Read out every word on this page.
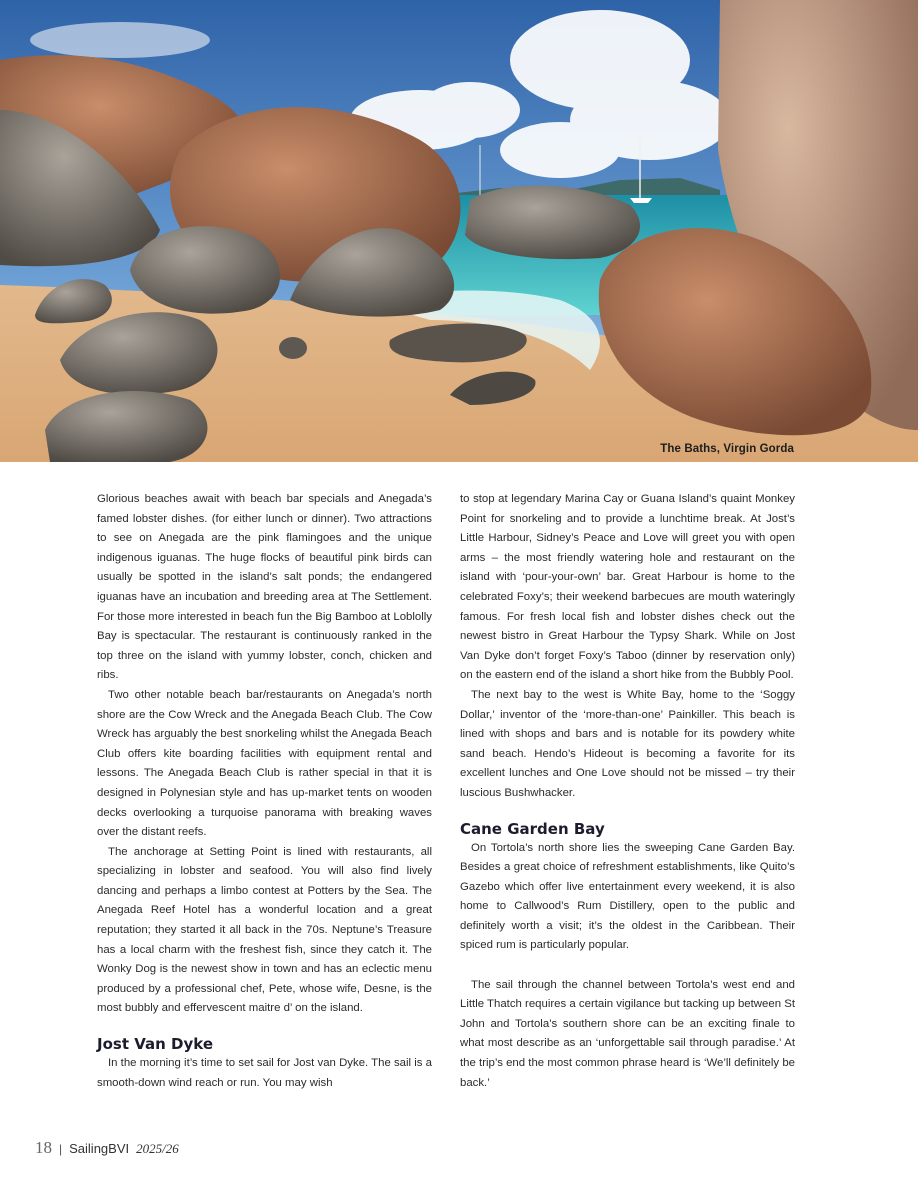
The Baths, Virgin Gorda

Glorious beaches await with beach bar specials and Anegada’s famed lobster dishes. (for either lunch or dinner). Two attractions to see on Anegada are the pink flamingoes and the unique indigenous iguanas. The huge flocks of beautiful pink birds can usually be spotted in the island’s salt ponds; the endangered iguanas have an incubation and breeding area at The Settlement. For those more interested in beach fun the Big Bamboo at Loblolly Bay is spectacular. The restaurant is continuously ranked in the top three on the island with yummy lobster, conch, chicken and ribs.

Two other notable beach bar/restaurants on Anegada’s north shore are the Cow Wreck and the Anegada Beach Club. The Cow Wreck has arguably the best snorkeling whilst the Anegada Beach Club offers kite boarding facilities with equipment rental and lessons. The Anegada Beach Club is rather special in that it is designed in Polynesian style and has up-market tents on wooden decks overlooking a turquoise panorama with breaking waves over the distant reefs.

The anchorage at Setting Point is lined with restaurants, all specializing in lobster and seafood. You will also find lively dancing and perhaps a limbo contest at Potters by the Sea. The Anegada Reef Hotel has a wonderful location and a great reputation; they started it all back in the 70s. Neptune’s Treasure has a local charm with the freshest fish, since they catch it. The Wonky Dog is the newest show in town and has an eclectic menu produced by a professional chef, Pete, whose wife, Desne, is the most bubbly and effervescent maitre d’ on the island.

Jost Van Dyke

In the morning it’s time to set sail for Jost van Dyke. The sail is a smooth-down wind reach or run. You may wish

to stop at legendary Marina Cay or Guana Island’s quaint Monkey Point for snorkeling and to provide a lunchtime break. At Jost’s Little Harbour, Sidney’s Peace and Love will greet you with open arms – the most friendly watering hole and restaurant on the island with ‘pour-your-own’ bar. Great Harbour is home to the celebrated Foxy’s; their weekend barbecues are mouth wateringly famous. For fresh local fish and lobster dishes check out the newest bistro in Great Harbour the Typsy Shark. While on Jost Van Dyke don’t forget Foxy’s Taboo (dinner by reservation only) on the eastern end of the island a short hike from the Bubbly Pool.

The next bay to the west is White Bay, home to the ‘Soggy Dollar,’ inventor of the ‘more-than-one’ Painkiller. This beach is lined with shops and bars and is notable for its powdery white sand beach. Hendo’s Hideout is becoming a favorite for its excellent lunches and One Love should not be missed – try their luscious Bushwhacker.

Cane Garden Bay

On Tortola’s north shore lies the sweeping Cane Garden Bay. Besides a great choice of refreshment establishments, like Quito’s Gazebo which offer live entertainment every weekend, it is also home to Callwood’s Rum Distillery, open to the public and definitely worth a visit; it’s the oldest in the Caribbean. Their spiced rum is particularly popular.

The sail through the channel between Tortola’s west end and Little Thatch requires a certain vigilance but tacking up between St John and Tortola’s southern shore can be an exciting finale to what most describe as an ‘unforgettable sail through paradise.’ At the trip’s end the most common phrase heard is ‘We’ll definitely be back.’

18 | SailingBVI 2025/26
